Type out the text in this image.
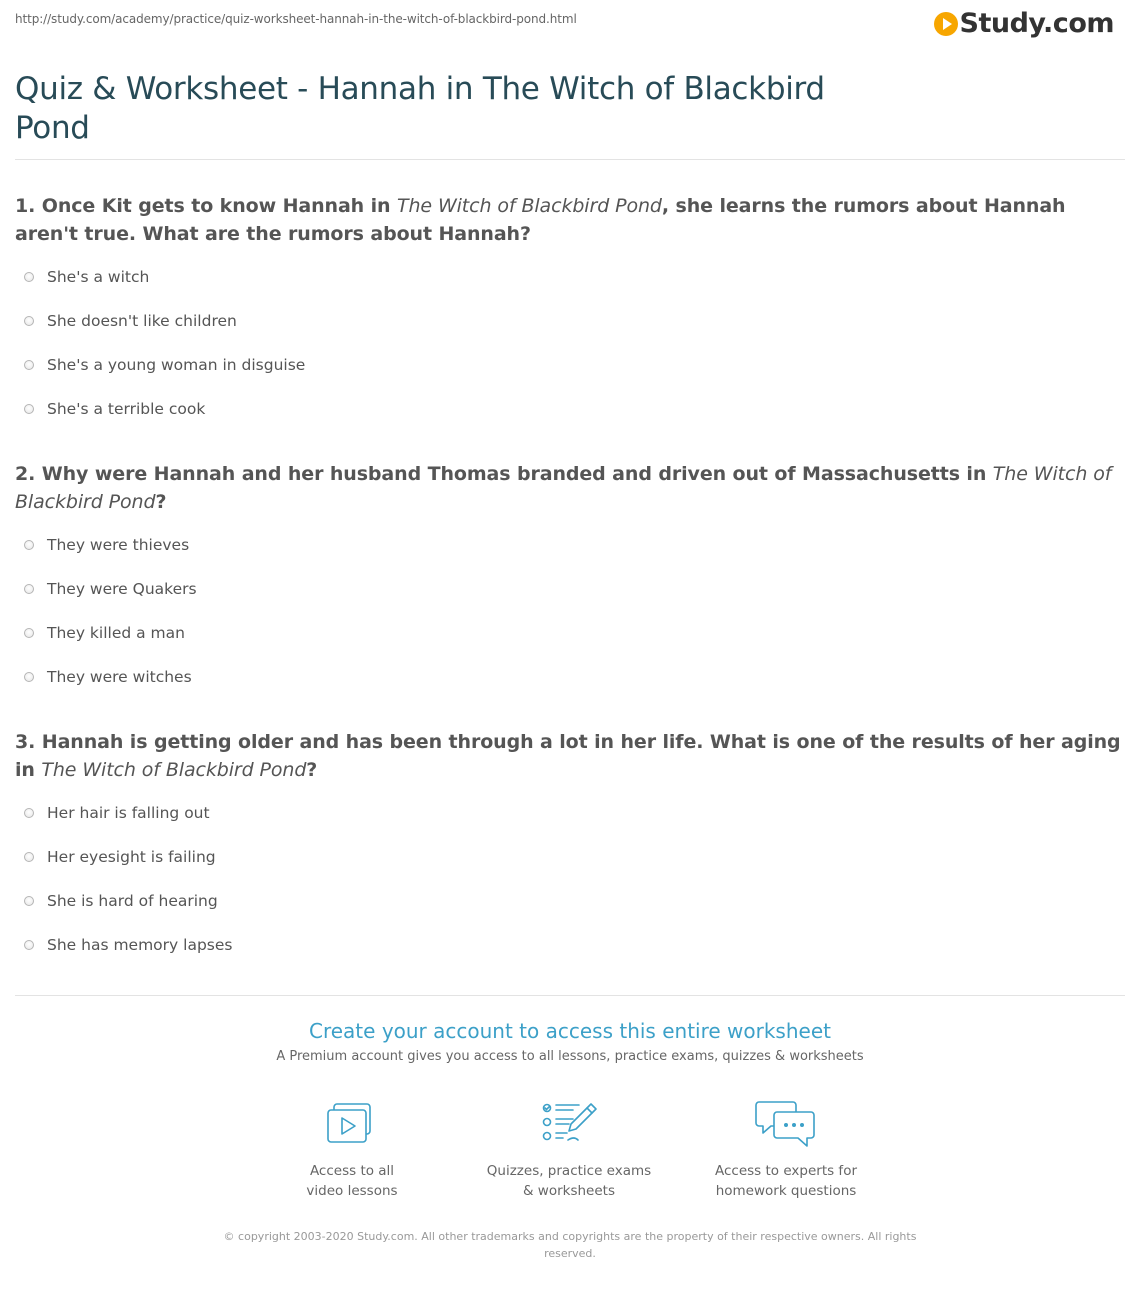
http://study.com/academy/practice/quiz-worksheet-hannah-in-the-witch-of-blackbird-pond.html	Study.com
Quiz & Worksheet - Hannah in The Witch of Blackbird Pond
1. Once Kit gets to know Hannah in The Witch of Blackbird Pond, she learns the rumors about Hannah aren't true. What are the rumors about Hannah?
She's a witch
She doesn't like children
She's a young woman in disguise
She's a terrible cook
2. Why were Hannah and her husband Thomas branded and driven out of Massachusetts in The Witch of Blackbird Pond?
They were thieves
They were Quakers
They killed a man
They were witches
3. Hannah is getting older and has been through a lot in her life. What is one of the results of her aging in The Witch of Blackbird Pond?
Her hair is falling out
Her eyesight is failing
She is hard of hearing
She has memory lapses
Create your account to access this entire worksheet
A Premium account gives you access to all lessons, practice exams, quizzes & worksheets
Access to all
video lessons
Quizzes, practice exams
& worksheets
Access to experts for
homework questions
© copyright 2003-2020 Study.com. All other trademarks and copyrights are the property of their respective owners. All rights reserved.
